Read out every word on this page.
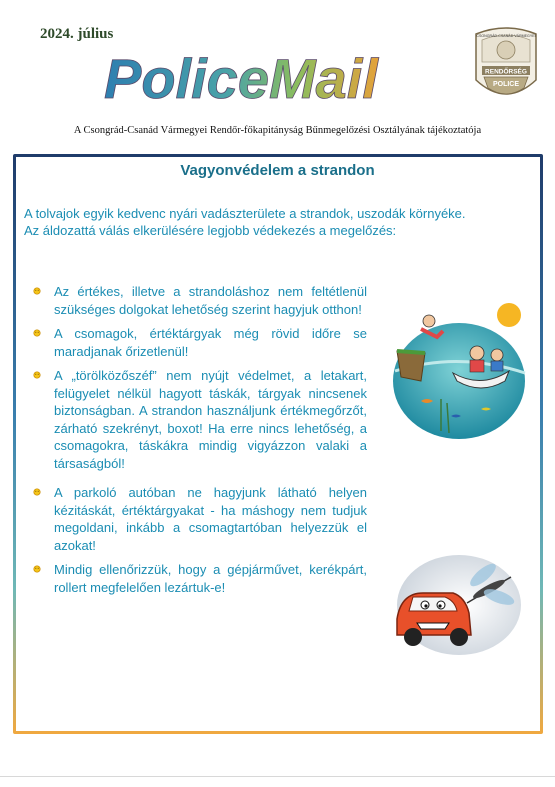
2024. július
PoliceMail
CSONGRÁD-CSANÁD VÁRMEGYEI
RENDŐRSÉG
POLICE
A Csongrád-Csanád Vármegyei Rendőr-főkapitányság Bűnmegelőzési Osztályának tájékoztatója
Vagyonvédelem a strandon

A tolvajok egyik kedvenc nyári vadászterülete a strandok, uszodák környéke.

Az áldozattá válás elkerülésére legjobb védekezés a megelőzés:

Az értékes, illetve a strandoláshoz nem feltétlenül szükséges dolgokat lehetőség szerint hagyjuk otthon!
A csomagok, értéktárgyak még rövid időre se maradjanak őrizetlenül!
A „törölközőszéf” nem nyújt védelmet, a letakart, felügyelet nélkül hagyott táskák, tárgyak nincsenek biztonságban. A strandon használjunk értékmegőrzőt, zárható szekrényt, boxot! Ha erre nincs lehetőség, a csomagokra, táskákra mindig vigyázzon valaki a társaságból!
A parkoló autóban ne hagyjunk látható helyen kézitáskát, értéktárgyakat - ha máshogy nem tudjuk megoldani, inkább a csomagtartóban helyezzük el azokat!
Mindig ellenőrizzük, hogy a gépjárművet, kerékpárt, rollert megfelelően lezártuk-e!
